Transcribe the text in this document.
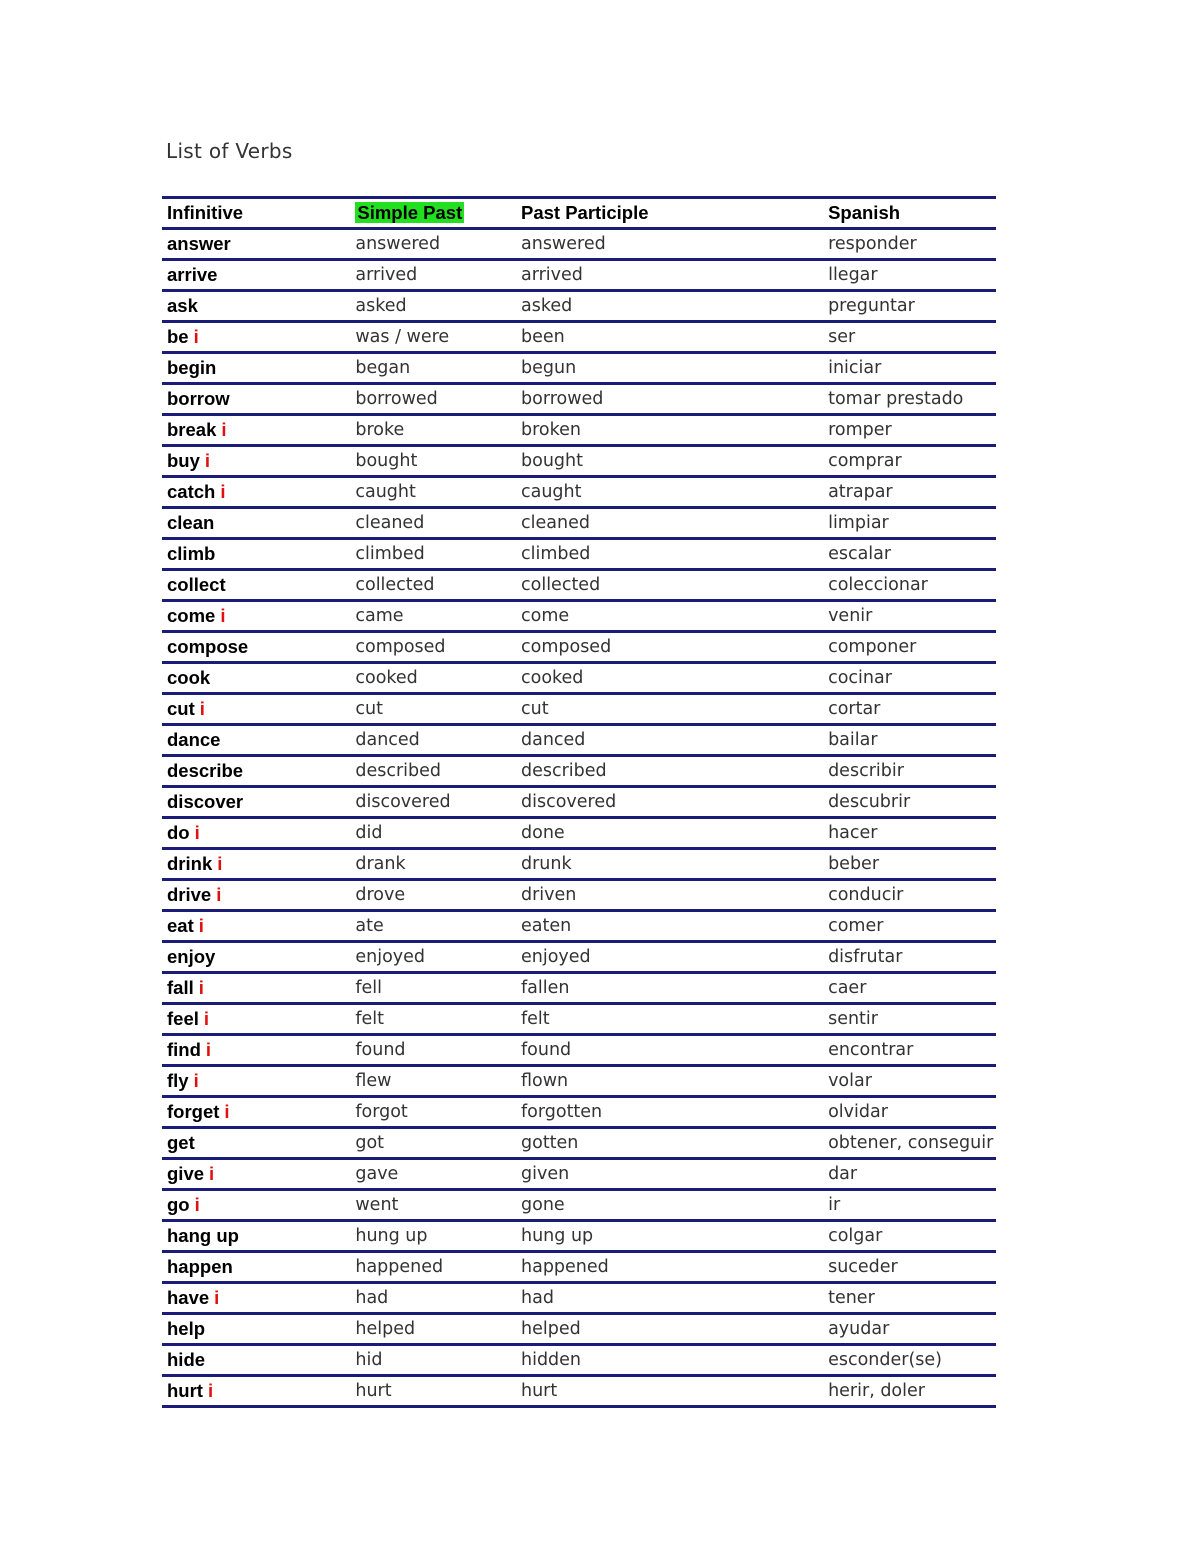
List of Verbs
Infinitive	Simple Past	Past Participle	Spanish
answer	answered	answered	responder
arrive	arrived	arrived	llegar
ask	asked	asked	preguntar
be i	was / were	been	ser
begin	began	begun	iniciar
borrow	borrowed	borrowed	tomar prestado
break i	broke	broken	romper
buy i	bought	bought	comprar
catch i	caught	caught	atrapar
clean	cleaned	cleaned	limpiar
climb	climbed	climbed	escalar
collect	collected	collected	coleccionar
come i	came	come	venir
compose	composed	composed	componer
cook	cooked	cooked	cocinar
cut i	cut	cut	cortar
dance	danced	danced	bailar
describe	described	described	describir
discover	discovered	discovered	descubrir
do i	did	done	hacer
drink i	drank	drunk	beber
drive i	drove	driven	conducir
eat i	ate	eaten	comer
enjoy	enjoyed	enjoyed	disfrutar
fall i	fell	fallen	caer
feel i	felt	felt	sentir
find i	found	found	encontrar
fly i	flew	flown	volar
forget i	forgot	forgotten	olvidar
get	got	gotten	obtener, conseguir
give i	gave	given	dar
go i	went	gone	ir
hang up	hung up	hung up	colgar
happen	happened	happened	suceder
have i	had	had	tener
help	helped	helped	ayudar
hide	hid	hidden	esconder(se)
hurt i	hurt	hurt	herir, doler
